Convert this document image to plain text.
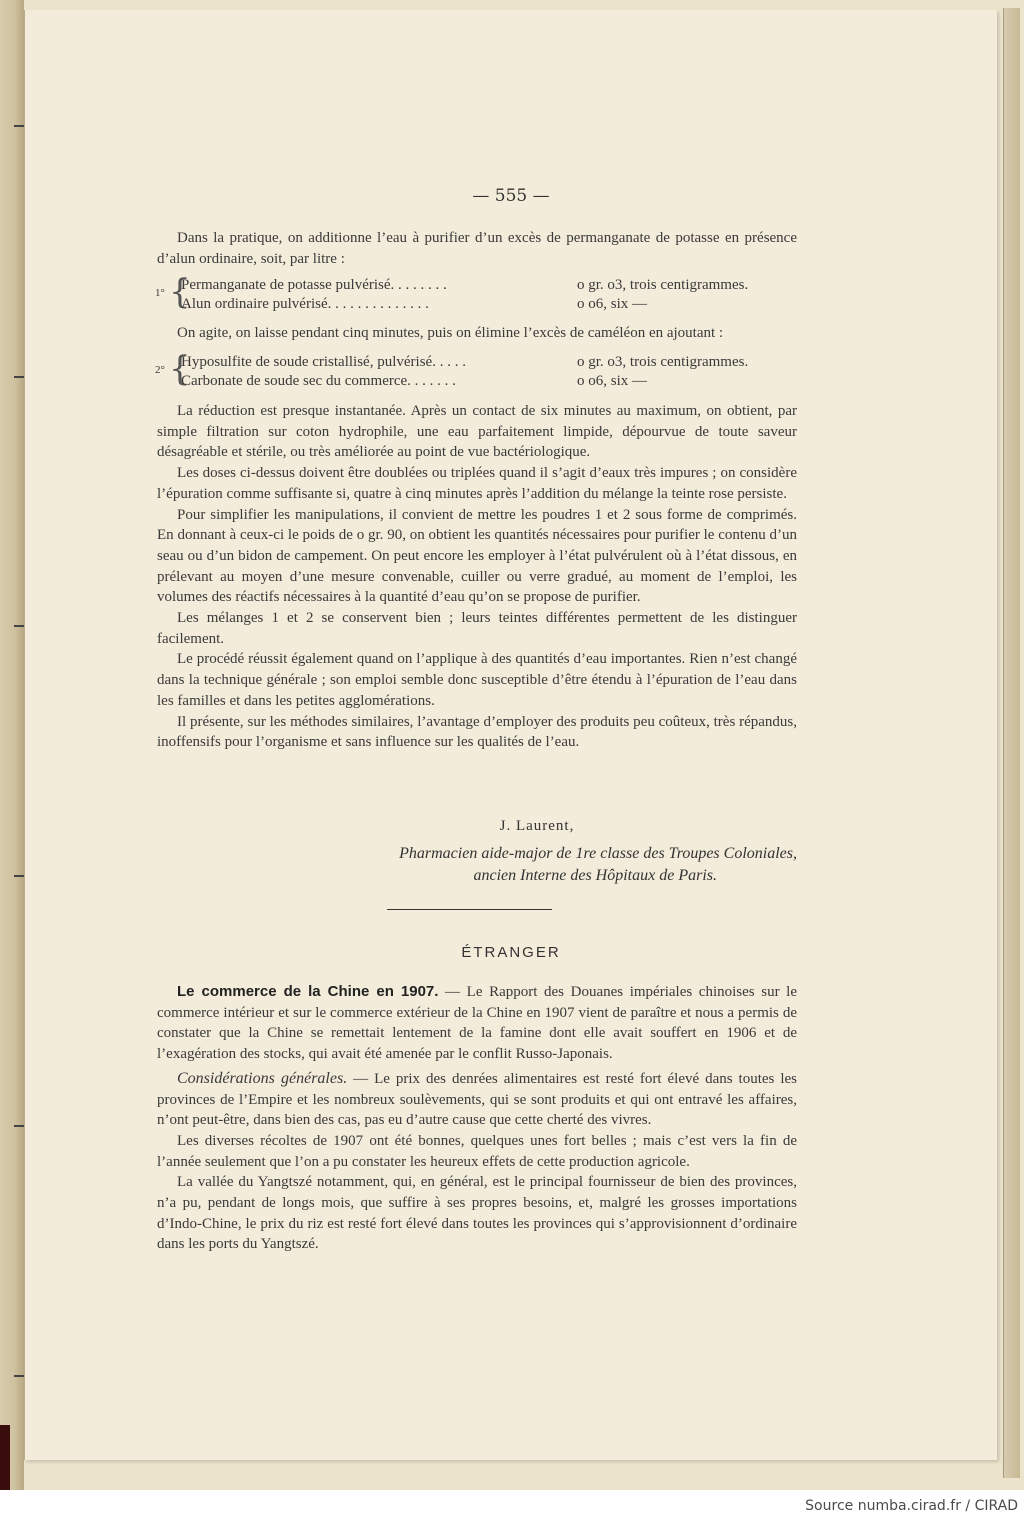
— 555 —

Dans la pratique, on additionne l’eau à purifier d’un excès de permanganate de potasse en présence d’alun ordinaire, soit, par litre :

1° {
Permanganate de potasse pulvérisé. . . . . . . .	o gr. o3, trois centigrammes.
Alun ordinaire pulvérisé. . . . . . . . . . . . . .	o o6, six —

On agite, on laisse pendant cinq minutes, puis on élimine l’excès de caméléon en ajoutant :

2° {
Hyposulfite de soude cristallisé, pulvérisé. . . . .	o gr. o3, trois centigrammes.
Carbonate de soude sec du commerce. . . . . . .	o o6, six —

La réduction est presque instantanée. Après un contact de six minutes au maximum, on obtient, par simple filtration sur coton hydrophile, une eau parfaitement limpide, dépourvue de toute saveur désagréable et stérile, ou très améliorée au point de vue bactériologique.

Les doses ci-dessus doivent être doublées ou triplées quand il s’agit d’eaux très impures ; on considère l’épuration comme suffisante si, quatre à cinq minutes après l’addition du mélange la teinte rose persiste.

Pour simplifier les manipulations, il convient de mettre les poudres 1 et 2 sous forme de comprimés. En donnant à ceux-ci le poids de o gr. 90, on obtient les quantités nécessaires pour purifier le contenu d’un seau ou d’un bidon de campement. On peut encore les employer à l’état pulvérulent où à l’état dissous, en prélevant au moyen d’une mesure convenable, cuiller ou verre gradué, au moment de l’emploi, les volumes des réactifs nécessaires à la quantité d’eau qu’on se propose de purifier.

Les mélanges 1 et 2 se conservent bien ; leurs teintes différentes permettent de les distinguer facilement.

Le procédé réussit également quand on l’applique à des quantités d’eau importantes. Rien n’est changé dans la technique générale ; son emploi semble donc susceptible d’être étendu à l’épuration de l’eau dans les familles et dans les petites agglomérations.

Il présente, sur les méthodes similaires, l’avantage d’employer des produits peu coûteux, très répandus, inoffensifs pour l’organisme et sans influence sur les qualités de l’eau.

J. Laurent,
Pharmacien aide-major de 1re classe des Troupes Coloniales,
ancien Interne des Hôpitaux de Paris.
ÉTRANGER

Le commerce de la Chine en 1907. — Le Rapport des Douanes impériales chinoises sur le commerce intérieur et sur le commerce extérieur de la Chine en 1907 vient de paraître et nous a permis de constater que la Chine se remettait lentement de la famine dont elle avait souffert en 1906 et de l’exagération des stocks, qui avait été amenée par le conflit Russo-Japonais.

Considérations générales. — Le prix des denrées alimentaires est resté fort élevé dans toutes les provinces de l’Empire et les nombreux soulèvements, qui se sont produits et qui ont entravé les affaires, n’ont peut-être, dans bien des cas, pas eu d’autre cause que cette cherté des vivres.

Les diverses récoltes de 1907 ont été bonnes, quelques unes fort belles ; mais c’est vers la fin de l’année seulement que l’on a pu constater les heureux effets de cette production agricole.

La vallée du Yangtszé notamment, qui, en général, est le principal fournisseur de bien des provinces, n’a pu, pendant de longs mois, que suffire à ses propres besoins, et, malgré les grosses importations d’Indo-Chine, le prix du riz est resté fort élevé dans toutes les provinces qui s’approvisionnent d’ordinaire dans les ports du Yangtszé.

Source numba.cirad.fr / CIRAD
